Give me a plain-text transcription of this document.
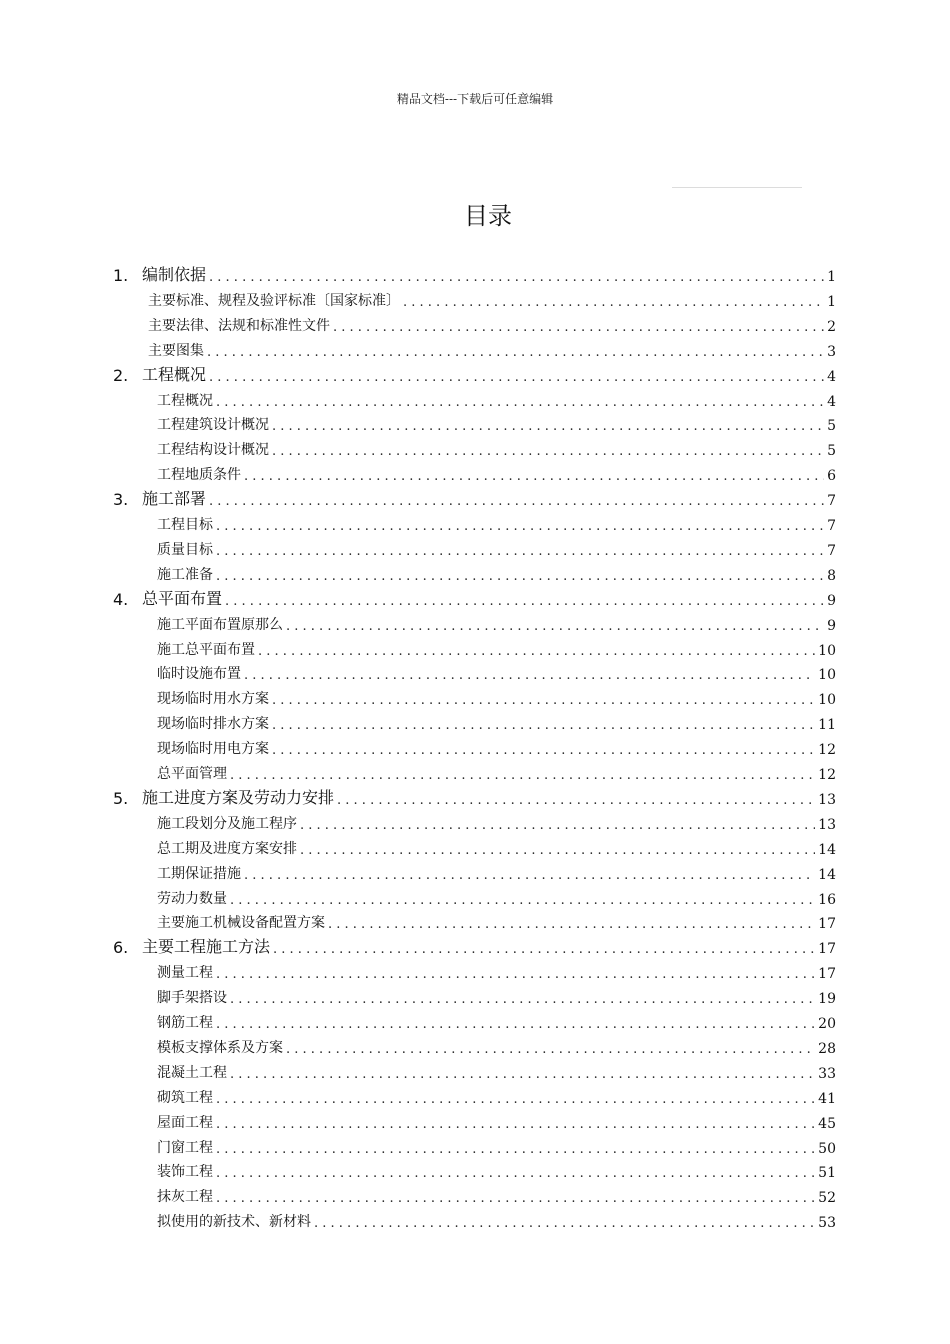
精品文档---下载后可任意编辑
目录
1. 编制依据 . . .	1
主要标准、规程及验评标准〔国家标准〕 . . .	1
主要法律、法规和标准性文件 . . .	2
主要图集 . . .	3
2. 工程概况 . . .	4
工程概况 . . .	4
工程建筑设计概况 . . .	5
工程结构设计概况 . . .	5
工程地质条件 . . .	6
3. 施工部署 . . .	7
工程目标 . . .	7
质量目标 . . .	7
施工准备 . . .	8
4. 总平面布置 . . .	9
施工平面布置原那么 . . .	9
施工总平面布置 . . .	10
临时设施布置 . . .	10
现场临时用水方案 . . .	10
现场临时排水方案 . . .	11
现场临时用电方案 . . .	12
总平面管理 . . .	12
5. 施工进度方案及劳动力安排 . . .	13
施工段划分及施工程序 . . .	13
总工期及进度方案安排 . . .	14
工期保证措施 . . .	14
劳动力数量 . . .	16
主要施工机械设备配置方案 . . .	17
6. 主要工程施工方法 . . .	17
测量工程 . . .	17
脚手架搭设 . . .	19
钢筋工程 . . .	20
模板支撑体系及方案 . . .	28
混凝土工程 . . .	33
砌筑工程 . . .	41
屋面工程 . . .	45
门窗工程 . . .	50
装饰工程 . . .	51
抹灰工程 . . .	52
拟使用的新技术、新材料 . . .	53
